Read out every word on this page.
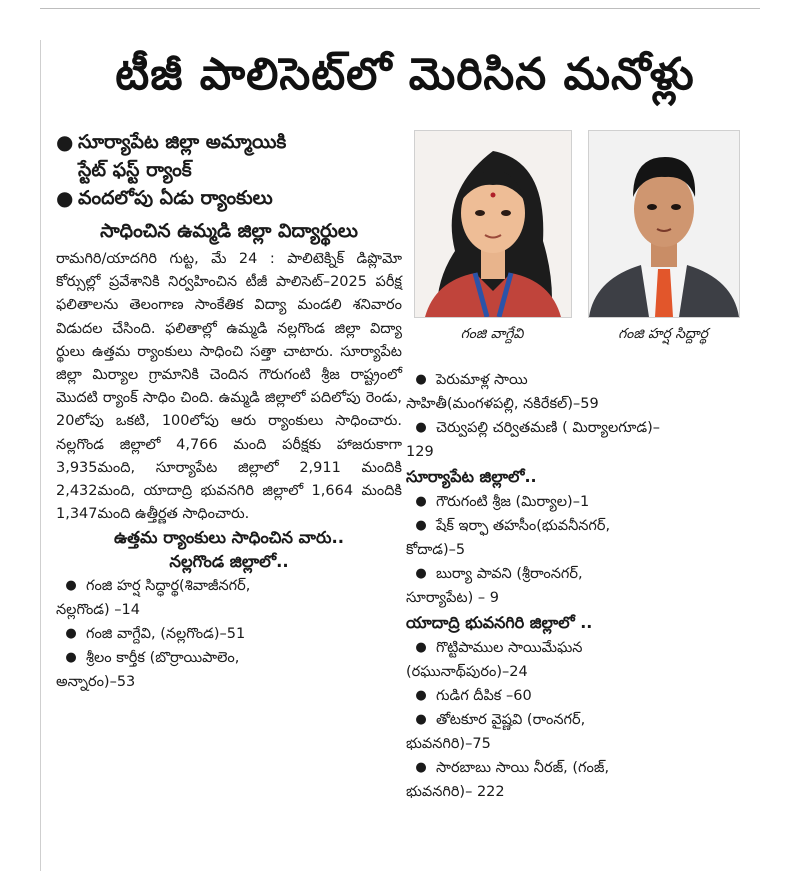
టీజీ పాలిసెట్‌లో మెరిసిన మనోళ్లు
● సూర్యాపేట జిల్లా అమ్మాయికి
స్టేట్ ఫస్ట్ ర్యాంక్
● వందలోపు ఏడు ర్యాంకులు
సాధించిన ఉమ్మడి జిల్లా విద్యార్థులు
రామగిరి/యాదగిరి గుట్ట, మే 24 : పాలిటెక్నిక్ డిప్లొమో కోర్సుల్లో ప్రవేశానికి నిర్వహించిన టీజీ పాలిసెట్–2025 పరీక్ష ఫలితాలను తెలంగాణ సాంకేతిక విద్యా మండలి శనివారం విడుదల చేసింది. ఫలితాల్లో ఉమ్మడి నల్లగొండ జిల్లా విద్యా ర్థులు ఉత్తమ ర్యాంకులు సాధించి సత్తా చాటారు. సూర్యాపేట జిల్లా మిర్యాల గ్రామానికి చెందిన గౌరుగంటి శ్రీజ రాష్ట్రంలో మొదటి ర్యాంక్ సాధిం చింది. ఉమ్మడి జిల్లాలో పదిలోపు రెండు, 20లోపు ఒకటి, 100లోపు ఆరు ర్యాంకులు సాధించారు. నల్లగొండ జిల్లాలో 4,766 మంది పరీక్షకు హాజరుకాగా 3,935మంది, సూర్యాపేట జిల్లాలో 2,911 మందికి 2,432మంది, యాదాద్రి భువనగిరి జిల్లాలో 1,664 మందికి 1,347మంది ఉత్తీర్ణత సాధించారు.
ఉత్తమ ర్యాంకులు సాధించిన వారు..
నల్లగొండ జిల్లాలో..
● గంజి హర్ష సిద్ధార్థ(శివాజీనగర్,
నల్లగొండ) –14
● గంజి వాగ్దేవి, (నల్లగొండ)–51
● శ్రీలం కార్తీక (బొర్రాయిపాలెం,
అన్నారం)–53
గంజి వాగ్దేవి	గంజి హర్ష సిద్దార్థ
● పెరుమాళ్ల సాయి
సాహితీ(మంగళపల్లి, నకిరేకల్)–59
● చెర్వుపల్లి చర్వితమణి ( మిర్యాలగూడ)–
129
సూర్యాపేట జిల్లాలో..
● గౌరుగంటి శ్రీజ (మిర్యాల)–1
● షేక్ ఇర్ఫా తహసీం(భువనీనగర్,
కోదాడ)–5
● బుర్యా పావని (శ్రీరాంనగర్,
సూర్యాపేట) – 9
యాదాద్రి భువనగిరి జిల్లాలో ..
● గొట్టిపాముల సాయిమేఘన
(రఘునాథ్‌పురం)–24
● గుడిగ దీపిక –60
● తోటకూర వైష్ణవి (రాంనగర్,
భువనగిరి)–75
● సారబాబు సాయి నీరజ్, (గంజ్,
భువనగిరి)– 222
